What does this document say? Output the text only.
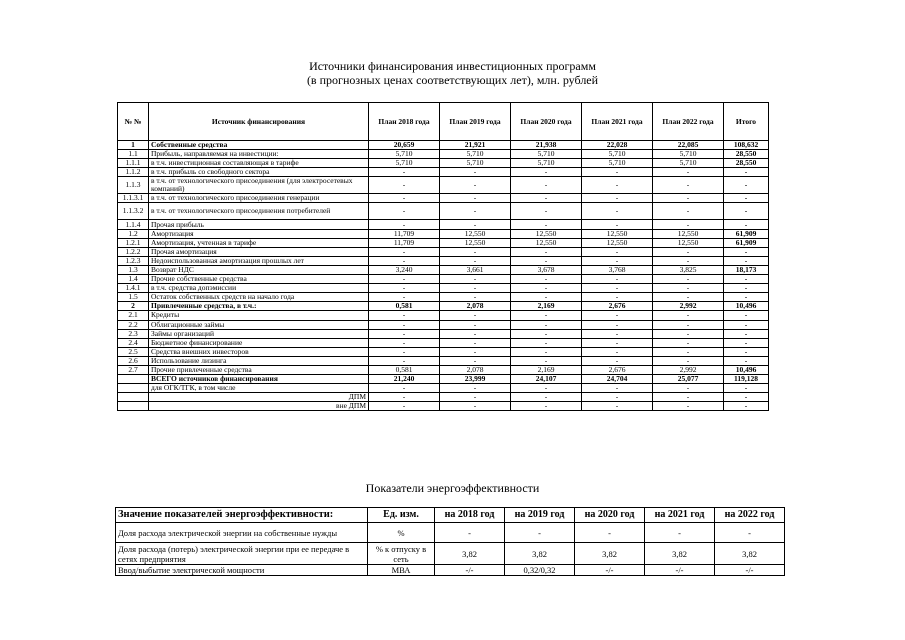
Источники финансирования инвестиционных программ
(в прогнозных ценах соответствующих лет), млн. рублей
№ №	Источник финансирования	План 2018 года	План 2019 года	План 2020 года	План 2021 года	План 2022 года	Итого
1	Собственные средства	20,659	21,921	21,938	22,028	22,085	108,632
1.1	Прибыль, направляемая на инвестиции:	5,710	5,710	5,710	5,710	5,710	28,550
1.1.1	в т.ч. инвестиционная составляющая в тарифе	5,710	5,710	5,710	5,710	5,710	28,550
1.1.2	в т.ч. прибыль со свободного сектора	-	-	-	-	-	-
1.1.3	в т.ч. от технологического присоединения (для электросетевых компаний)	-	-	-	-	-	-
1.1.3.1	в т.ч. от технологического присоединения генерации	-	-	-	-	-	-
1.1.3.2	в т.ч. от технологического присоединения потребителей	-	-	-	-	-	-
1.1.4	Прочая прибыль	-	-	-	-	-	-
1.2	Амортизация	11,709	12,550	12,550	12,550	12,550	61,909
1.2.1	Амортизация, учтенная в тарифе	11,709	12,550	12,550	12,550	12,550	61,909
1.2.2	Прочая амортизация	-	-	-	-	-	-
1.2.3	Недоиспользованная амортизация прошлых лет	-	-	-	-	-	-
1.3	Возврат НДС	3,240	3,661	3,678	3,768	3,825	18,173
1.4	Прочие собственные средства	-	-	-	-	-	-
1.4.1	в т.ч. средства допэмиссии	-	-	-	-	-	-
1.5	Остаток собственных средств на начало года	-	-	-	-	-	-
2	Привлеченные средства, в т.ч.:	0,581	2,078	2,169	2,676	2,992	10,496
2.1	Кредиты	-	-	-	-	-	-
2.2	Облигационные займы	-	-	-	-	-	-
2.3	Займы организаций	-	-	-	-	-	-
2.4	Бюджетное финансирование	-	-	-	-	-	-
2.5	Средства внешних инвесторов	-	-	-	-	-	-
2.6	Использование лизинга	-	-	-	-	-	-
2.7	Прочие привлеченные средства	0,581	2,078	2,169	2,676	2,992	10,496
	ВСЕГО источников финансирования	21,240	23,999	24,107	24,704	25,077	119,128
	для ОГК/ТГК, в том числе	-	-	-	-	-	-
	ДПМ	-	-	-	-	-	-
	вне ДПМ	-	-	-	-	-	-
Показатели энергоэффективности
Значение показателей энергоэффективности:	Ед. изм.	на 2018 год	на 2019 год	на 2020 год	на 2021 год	на 2022 год
Доля расхода электрической энергии на собственные нужды	%	-	-	-	-	-
Доля расхода (потерь) электрической энергии при ее передаче в сетях предприятия	% к отпуску в сеть	3,82	3,82	3,82	3,82	3,82
Ввод/выбытие электрической мощности	МВА	-/-	0,32/0,32	-/-	-/-	-/-
